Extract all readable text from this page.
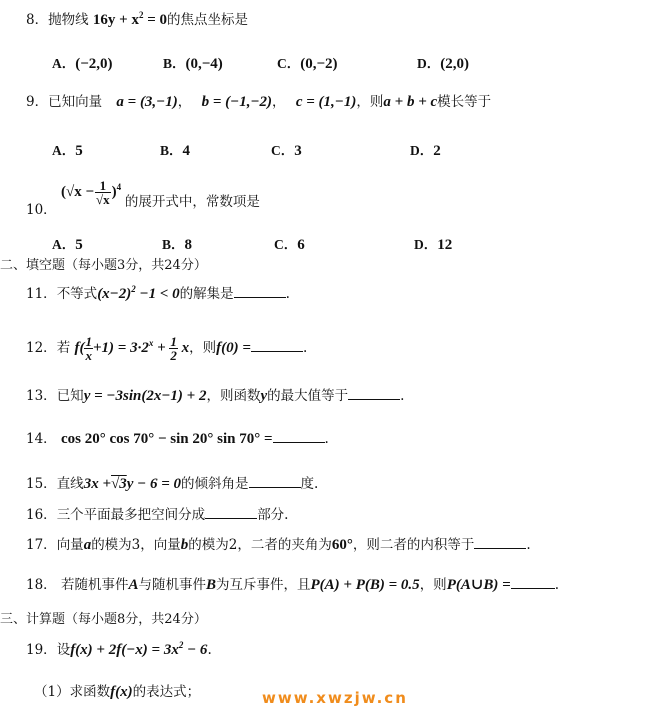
8．抛物线 $16y + x^2 = 0$的焦点坐标是
A．(−2,0)	B．(0,−4)	C．(0,−2)	D．(2,0)
9．已知向量 a = (3,−1)， b = (−1,−2)， c = (1,−1)，则a + b + c模长等于
A．5	B．4	C．3	D．2
10． $(√x - \frac{1}{√x} )^4$ 的展开式中，常数项是
A．5	B．8	C．6	D．12
二、填空题（每小题3分，共24分）
11．不等式$(x-2)^2 -1 < 0$的解集是	.
12．若 $f( \frac{1}{x} +1) = 3\cdot 2^x + \frac{1}{2}$ x，则f(0) =	.
13．已知y = −3sin(2x−1) + 2，则函数y的最大值等于	.
14． cos 20° cos 70° − sin 20° sin 70° =	.
15．直线3x +√3y − 6 = 0的倾斜角是	度.
16．三个平面最多把空间分成	部分.
17．向量a的模为3，向量b的模为2，二者的夹角为60°，则二者的内积等于	.
18． 若随机事件A与随机事件B为互斥事件，且P(A) + P(B) = 0.5，则P(A∪B) =	.
三、计算题（每小题8分，共24分）
19．设$f(x) + 2f(-x) = 3x^2 - 6$.
（1）求函数f(x)的表达式；	www.xwzjw.cn
